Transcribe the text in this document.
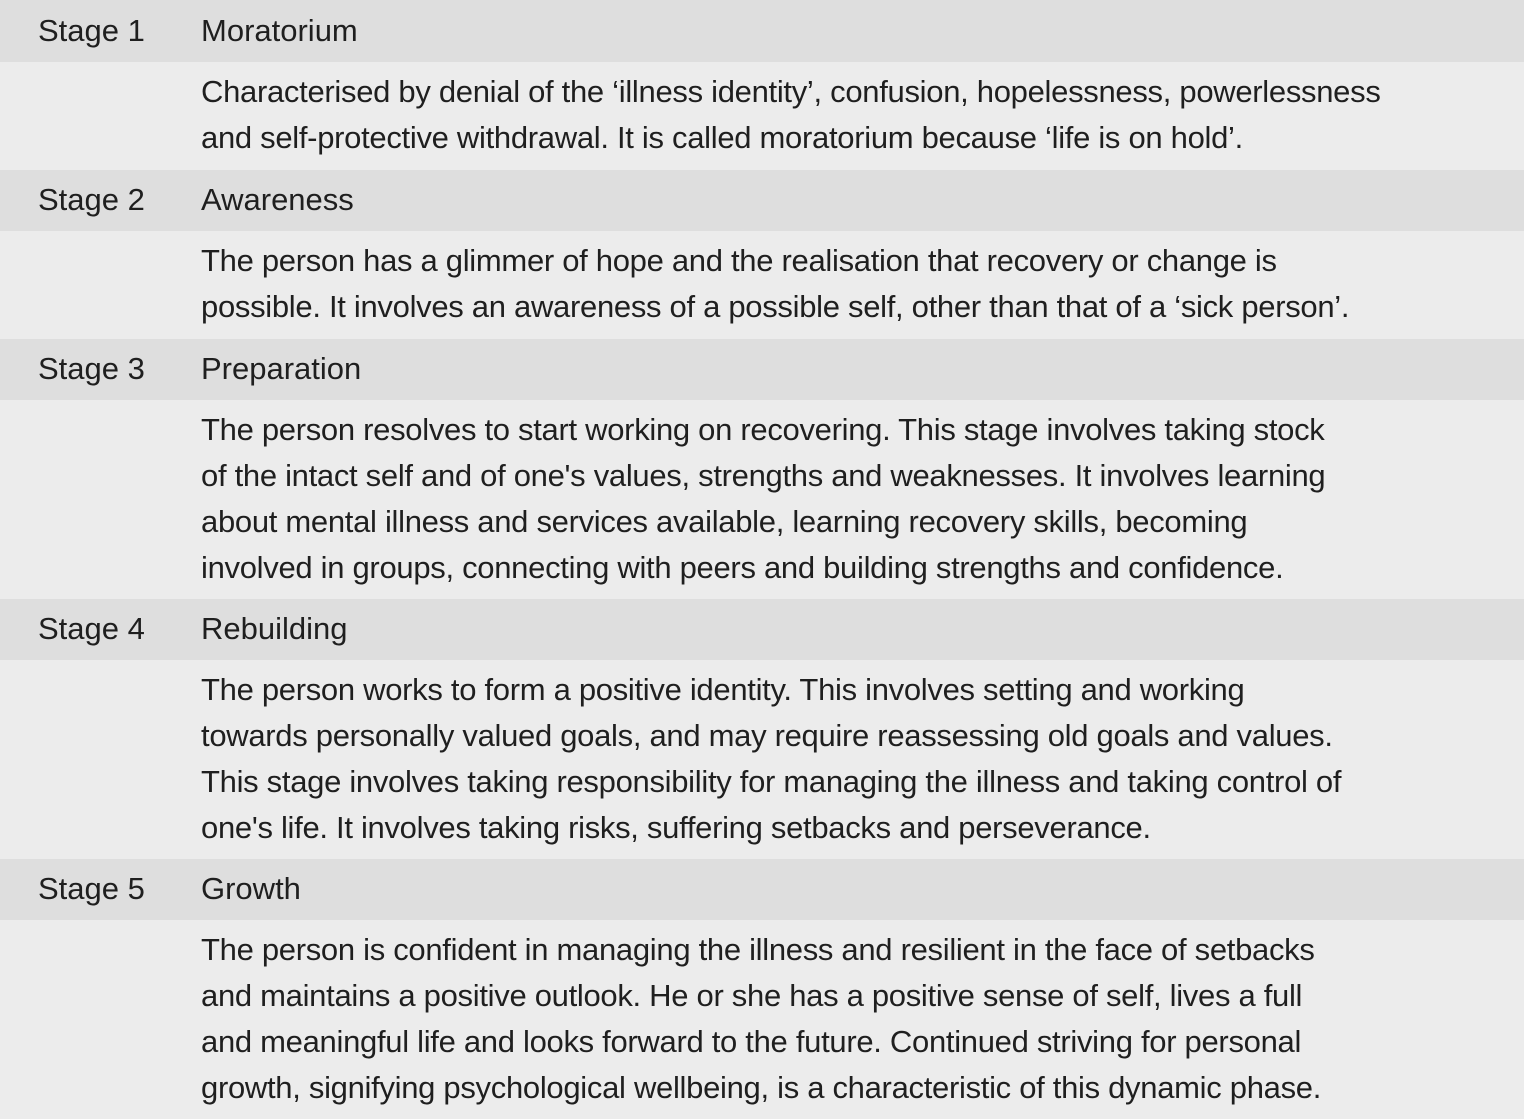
Stage 1 Moratorium
Characterised by denial of the ‘illness identity’, confusion, hopelessness, powerlessness
and self-protective withdrawal. It is called moratorium because ‘life is on hold’.
Stage 2 Awareness
The person has a glimmer of hope and the realisation that recovery or change is
possible. It involves an awareness of a possible self, other than that of a ‘sick person’.
Stage 3 Preparation
The person resolves to start working on recovering. This stage involves taking stock
of the intact self and of one's values, strengths and weaknesses. It involves learning
about mental illness and services available, learning recovery skills, becoming
involved in groups, connecting with peers and building strengths and confidence.
Stage 4 Rebuilding
The person works to form a positive identity. This involves setting and working
towards personally valued goals, and may require reassessing old goals and values.
This stage involves taking responsibility for managing the illness and taking control of
one's life. It involves taking risks, suffering setbacks and perseverance.
Stage 5 Growth
The person is confident in managing the illness and resilient in the face of setbacks
and maintains a positive outlook. He or she has a positive sense of self, lives a full
and meaningful life and looks forward to the future. Continued striving for personal
growth, signifying psychological wellbeing, is a characteristic of this dynamic phase.
